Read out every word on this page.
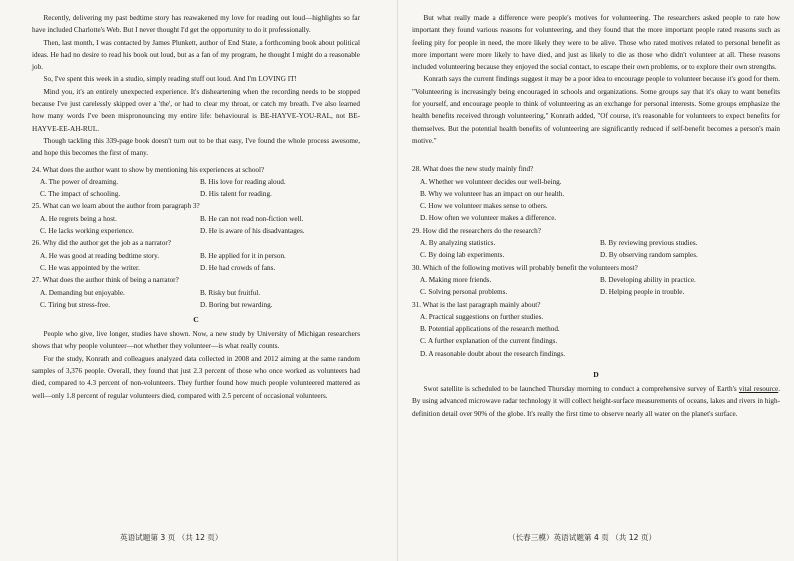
Recently, delivering my past bedtime story has reawakened my love for reading out loud—highlights so far have included Charlotte's Web. But I never thought I'd get the opportunity to do it professionally.

Then, last month, I was contacted by James Plunkett, author of End State, a forthcoming book about political ideas. He had no desire to read his book out loud, but as a fan of my program, he thought I might do a reasonable job.

So, I've spent this week in a studio, simply reading stuff out loud. And I'm LOVING IT!

Mind you, it's an entirely unexpected experience. It's disheartening when the recording needs to be stopped because I've just carelessly skipped over a 'the', or had to clear my throat, or catch my breath. I've also learned how many words I've been mispronouncing my entire life: behavioural is BE-HAYVE-YOU-RAL, not BE-HAYVE-EE-AH-RUL.

Though tackling this 339-page book doesn't turn out to be that easy, I've found the whole process awesome, and hope this becomes the first of many.

24. What does the author want to show by mentioning his experiences at school?
A. The power of dreaming.	B. His love for reading aloud.
C. The impact of schooling.	D. His talent for reading.
25. What can we learn about the author from paragraph 3?
A. He regrets being a host.	B. He can not read non-fiction well.
C. He lacks working experience.	D. He is aware of his disadvantages.
26. Why did the author get the job as a narrator?
A. He was good at reading bedtime story.	B. He applied for it in person.
C. He was appointed by the writer.	D. He had crowds of fans.
27. What does the author think of being a narrator?
A. Demanding but enjoyable.	B. Risky but fruitful.
C. Tiring but stress-free.	D. Boring but rewarding.
C

People who give, live longer, studies have shown. Now, a new study by University of Michigan researchers shows that why people volunteer—not whether they volunteer—is what really counts.

For the study, Konrath and colleagues analyzed data collected in 2008 and 2012 aiming at the same random samples of 3,376 people. Overall, they found that just 2.3 percent of those who once worked as volunteers had died, compared to 4.3 percent of non-volunteers. They further found how much people volunteered mattered as well—only 1.8 percent of regular volunteers died, compared with 2.5 percent of occasional volunteers.

英语试题第 3 页 （共 12 页）

But what really made a difference were people's motives for volunteering. The researchers asked people to rate how important they found various reasons for volunteering, and they found that the more important people rated reasons such as feeling pity for people in need, the more likely they were to be alive. Those who rated motives related to personal benefit as more important were more likely to have died, and just as likely to die as those who didn't volunteer at all. These reasons included volunteering because they enjoyed the social contact, to escape their own problems, or to explore their own strengths.

Konrath says the current findings suggest it may be a poor idea to encourage people to volunteer because it's good for them. "Volunteering is increasingly being encouraged in schools and organizations. Some groups say that it's okay to want benefits for yourself, and encourage people to think of volunteering as an exchange for personal interests. Some groups emphasize the health benefits received through volunteering," Konrath added, "Of course, it's reasonable for volunteers to expect benefits for themselves. But the potential health benefits of volunteering are significantly reduced if self-benefit becomes a person's main motive."

28. What does the new study mainly find?
A. Whether we volunteer decides our well-being.
B. Why we volunteer has an impact on our health.
C. How we volunteer makes sense to others.
D. How often we volunteer makes a difference.
29. How did the researchers do the research?
A. By analyzing statistics.	B. By reviewing previous studies.
C. By doing lab experiments.	D. By observing random samples.
30. Which of the following motives will probably benefit the volunteers most?
A. Making more friends.	B. Developing ability in practice.
C. Solving personal problems.	D. Helping people in trouble.
31. What is the last paragraph mainly about?
A. Practical suggestions on further studies.
B. Potential applications of the research method.
C. A further explanation of the current findings.
D. A reasonable doubt about the research findings.
D

Swot satellite is scheduled to be launched Thursday morning to conduct a comprehensive survey of Earth's vital resource. By using advanced microwave radar technology it will collect height-surface measurements of oceans, lakes and rivers in high-definition detail over 90% of the globe. It's really the first time to observe nearly all water on the planet's surface.

（长春三模）英语试题第 4 页 （共 12 页）
